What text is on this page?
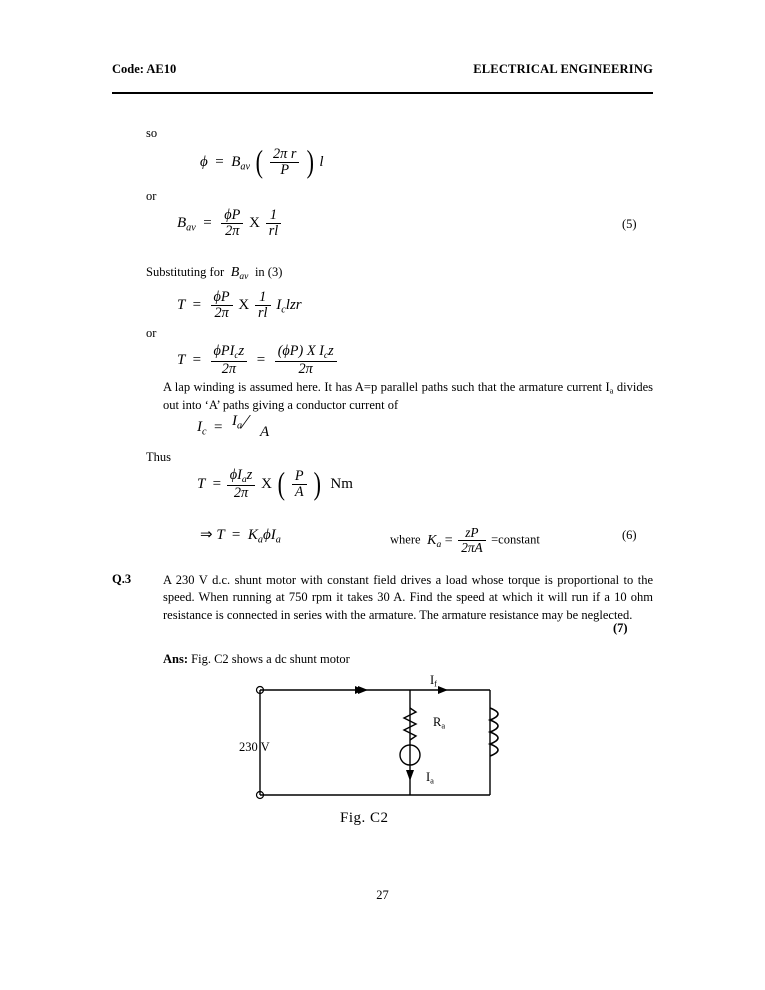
Code: AE10	ELECTRICAL ENGINEERING
so
$\phi = B_{av}$ ( $\frac{\text{2π r}}{P}$ ) l
or
$B_{av} = \frac{\phi P}{2\pi}$ X $\frac{1}{rl}$	(5)
Substituting for $B_{av}$ in (3)
$T = \frac{\phi P}{2\pi}$ X $\frac{1}{rl} I_clzr$
or
$T = \frac{\phi PI_cz}{2\pi} = \frac{(\phi P) X I_cz}{2\pi}$
A lap winding is assumed here. It has A=p parallel paths such that the armature current $I_a$ divides out into ‘A’ paths giving a conductor current of
$I_c = I_a$ ⁄ A
Thus
$T = \frac{\phi I_az}{2\pi}$ X ( $\frac{P}{A}$ )  Nm
⇒ $T = K_a\phi I_a$	where  $K_a = \frac{zP}{2\pi A}$ =constant	(6)
Q.3	A 230 V d.c. shunt motor with constant field drives a load whose torque is proportional to the speed. When running at 750 rpm it takes 30 A. Find the speed at which it will run if a 10 ohm resistance is connected in series with the armature. The armature resistance may be neglected.
(7)
Ans: Fig. C2 shows a dc shunt motor
230 V
$I_f$
$R_a$
$I_a$
Fig. C2
27
